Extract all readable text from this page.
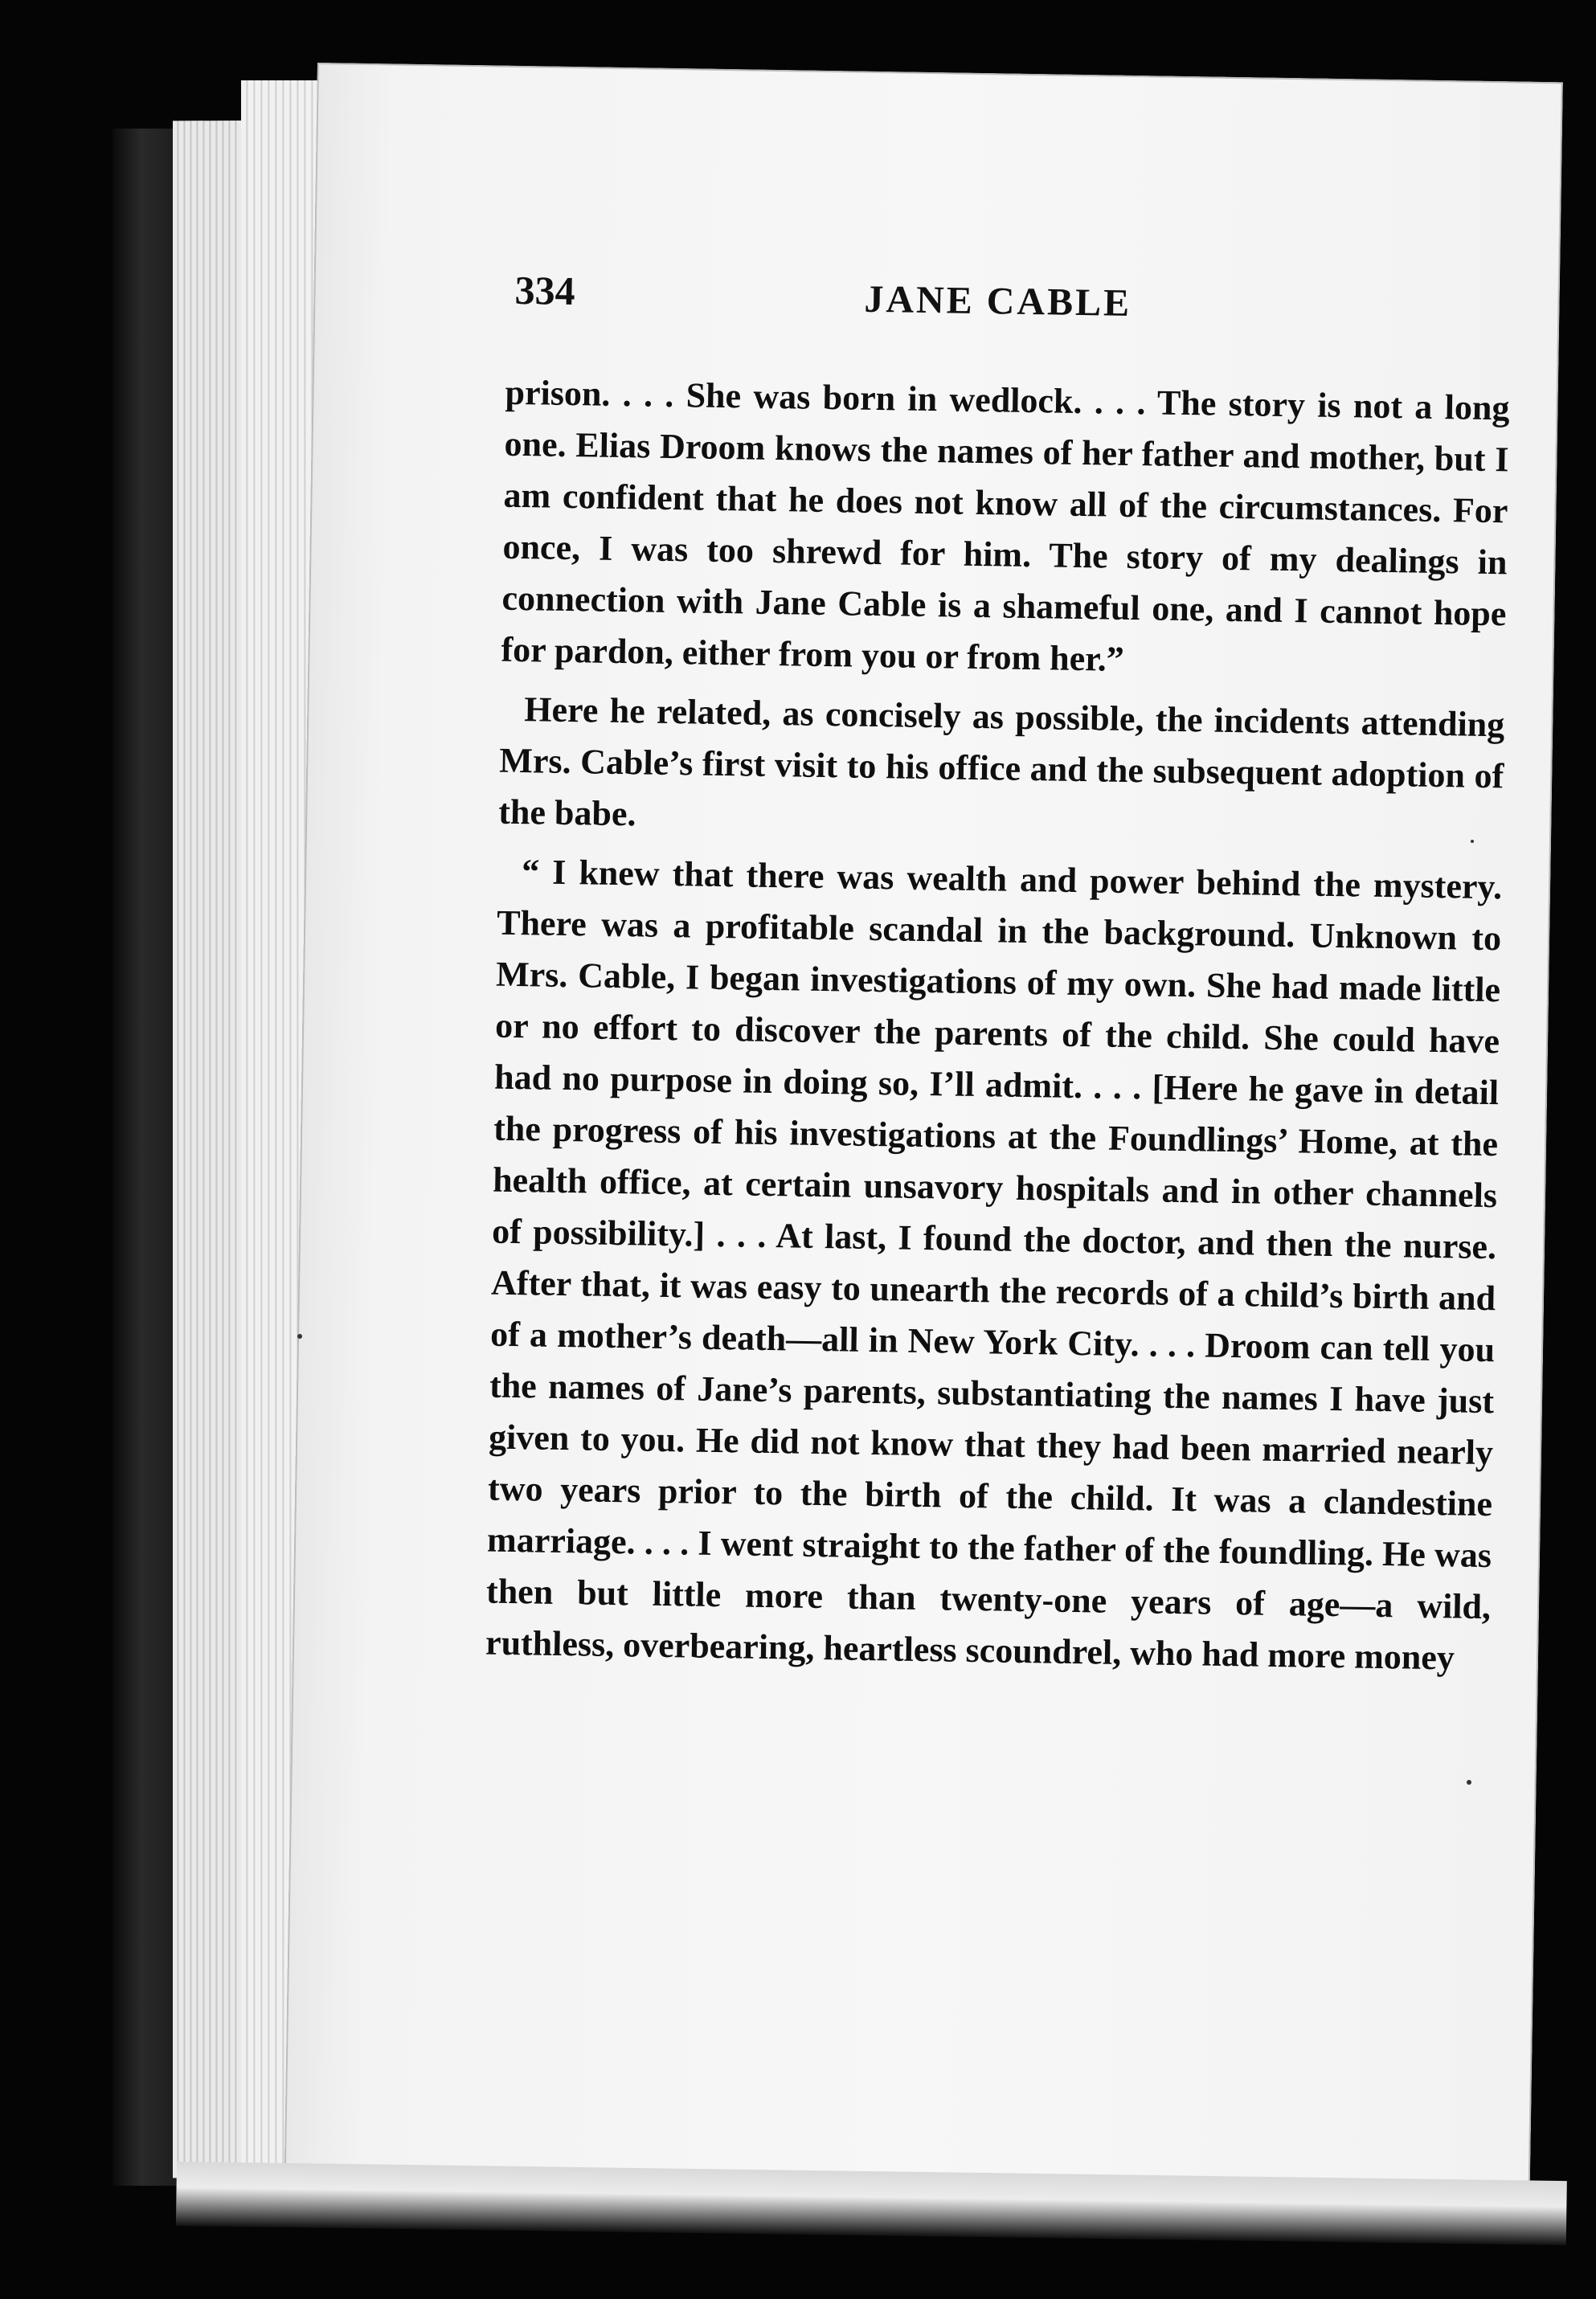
334	JANE CABLE

prison. . . . She was born in wedlock. . . . The story is not a long one. Elias Droom knows the names of her father and mother, but I am confident that he does not know all of the circumstances. For once, I was too shrewd for him. The story of my dealings in connection with Jane Cable is a shameful one, and I cannot hope for pardon, either from you or from her.”

Here he related, as concisely as possible, the incidents attending Mrs. Cable’s first visit to his office and the subsequent adoption of the babe.

“ I knew that there was wealth and power behind the mystery. There was a profitable scandal in the background. Unknown to Mrs. Cable, I began investigations of my own. She had made little or no effort to discover the parents of the child. She could have had no purpose in doing so, I’ll admit. . . . [Here he gave in detail the progress of his investigations at the Foundlings’ Home, at the health office, at certain unsavory hospitals and in other channels of possibility.] . . . At last, I found the doctor, and then the nurse. After that, it was easy to unearth the records of a child’s birth and of a mother’s death—all in New York City. . . . Droom can tell you the names of Jane’s parents, substantiating the names I have just given to you. He did not know that they had been married nearly two years prior to the birth of the child. It was a clandestine marriage. . . . I went straight to the father of the foundling. He was then but little more than twenty-one years of age—a wild, ruthless, overbearing, heartless scoundrel, who had more money
